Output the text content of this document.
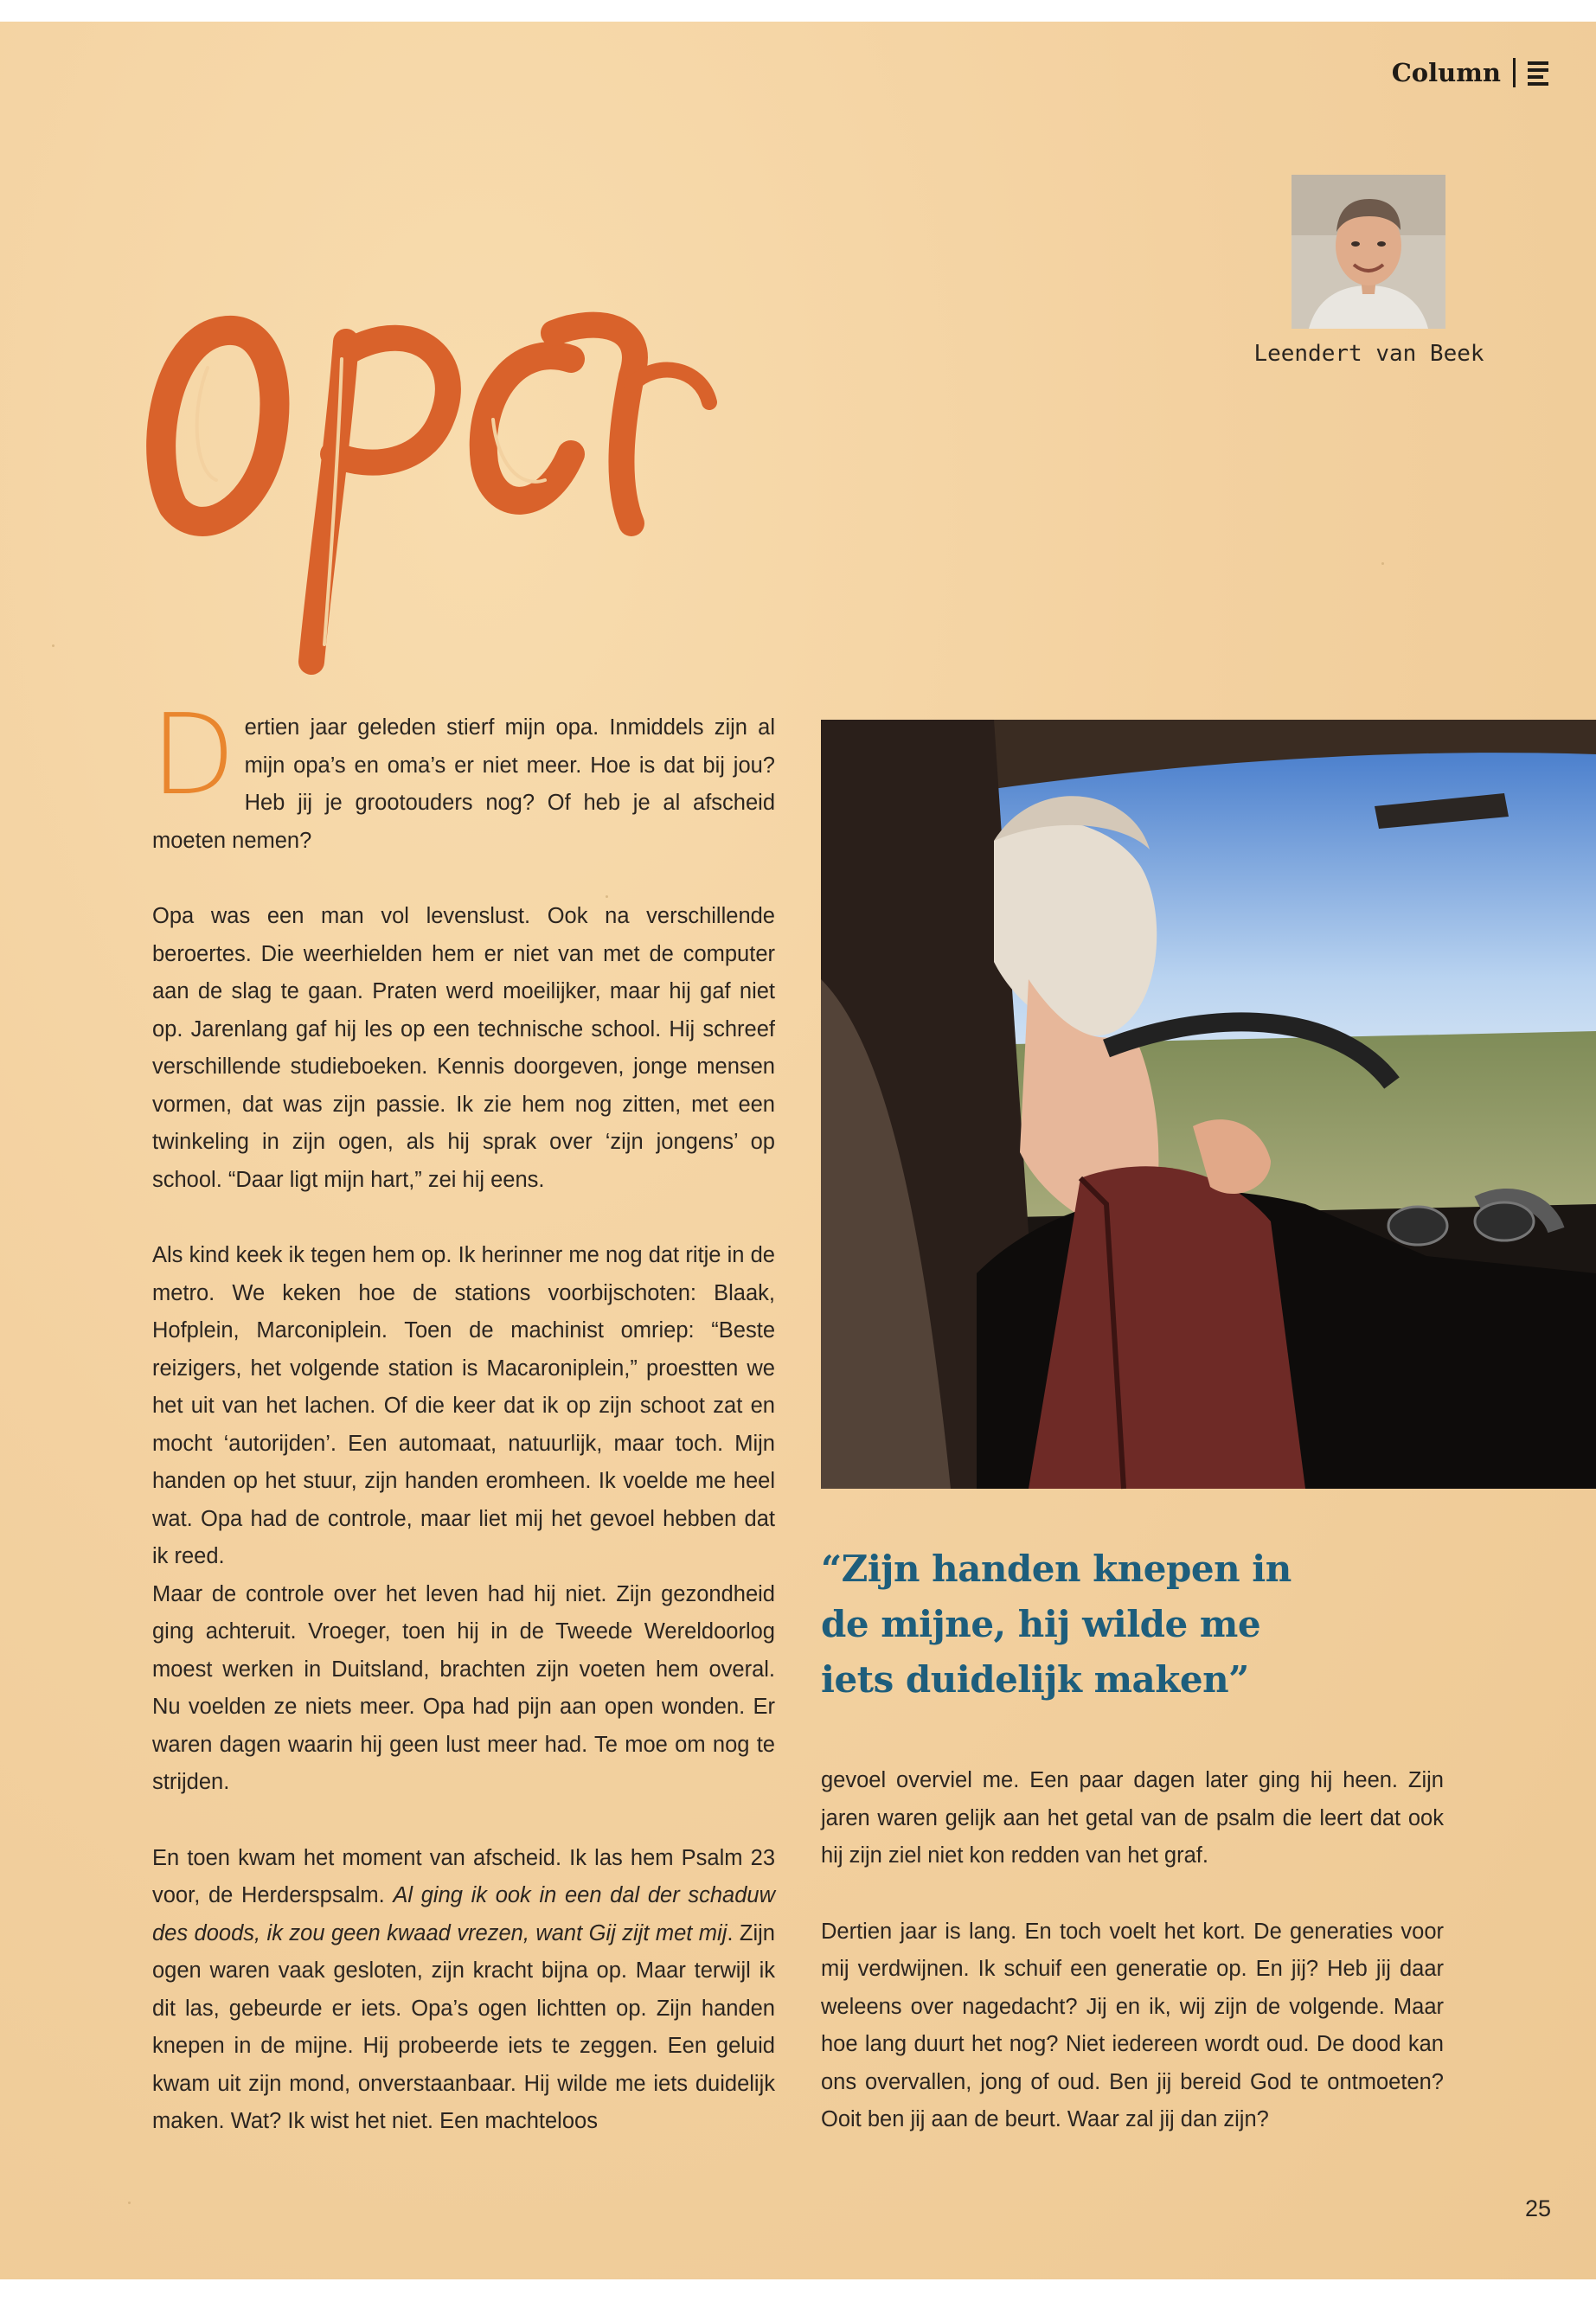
Column
Leendert van Beek
Opa

Dertien jaar geleden stierf mijn opa. Inmiddels zijn al mijn opa’s en oma’s er niet meer. Hoe is dat bij jou? Heb jij je grootouders nog? Of heb je al afscheid moeten nemen?

Opa was een man vol levenslust. Ook na verschillende beroertes. Die weerhielden hem er niet van met de computer aan de slag te gaan. Praten werd moeilijker, maar hij gaf niet op. Jarenlang gaf hij les op een technische school. Hij schreef verschillende studieboeken. Kennis doorgeven, jonge mensen vormen, dat was zijn passie. Ik zie hem nog zitten, met een twinkeling in zijn ogen, als hij sprak over ‘zijn jongens’ op school. “Daar ligt mijn hart,” zei hij eens.

Als kind keek ik tegen hem op. Ik herinner me nog dat ritje in de metro. We keken hoe de stations voorbijschoten: Blaak, Hofplein, Marconiplein. Toen de machinist omriep: “Beste reizigers, het volgende station is Macaroniplein,” proestten we het uit van het lachen. Of die keer dat ik op zijn schoot zat en mocht ‘autorijden’. Een automaat, natuurlijk, maar toch. Mijn handen op het stuur, zijn handen eromheen. Ik voelde me heel wat. Opa had de controle, maar liet mij het gevoel hebben dat ik reed.

Maar de controle over het leven had hij niet. Zijn gezondheid ging achteruit. Vroeger, toen hij in de Tweede Wereldoorlog moest werken in Duitsland, brachten zijn voeten hem overal. Nu voelden ze niets meer. Opa had pijn aan open wonden. Er waren dagen waarin hij geen lust meer had. Te moe om nog te strijden.

En toen kwam het moment van afscheid. Ik las hem Psalm 23 voor, de Herderspsalm. Al ging ik ook in een dal der schaduw des doods, ik zou geen kwaad vrezen, want Gij zijt met mij. Zijn ogen waren vaak gesloten, zijn kracht bijna op. Maar terwijl ik dit las, gebeurde er iets. Opa’s ogen lichtten op. Zijn handen knepen in de mijne. Hij probeerde iets te zeggen. Een geluid kwam uit zijn mond, onverstaanbaar. Hij wilde me iets duidelijk maken. Wat? Ik wist het niet. Een machteloos

“Zijn handen knepen in de mijne, hij wilde me iets duidelijk maken”

gevoel overviel me. Een paar dagen later ging hij heen. Zijn jaren waren gelijk aan het getal van de psalm die leert dat ook hij zijn ziel niet kon redden van het graf.

Dertien jaar is lang. En toch voelt het kort. De generaties voor mij verdwijnen. Ik schuif een generatie op. En jij? Heb jij daar weleens over nagedacht? Jij en ik, wij zijn de volgende. Maar hoe lang duurt het nog? Niet iedereen wordt oud. De dood kan ons overvallen, jong of oud. Ben jij bereid God te ontmoeten? Ooit ben jij aan de beurt. Waar zal jij dan zijn?

25
